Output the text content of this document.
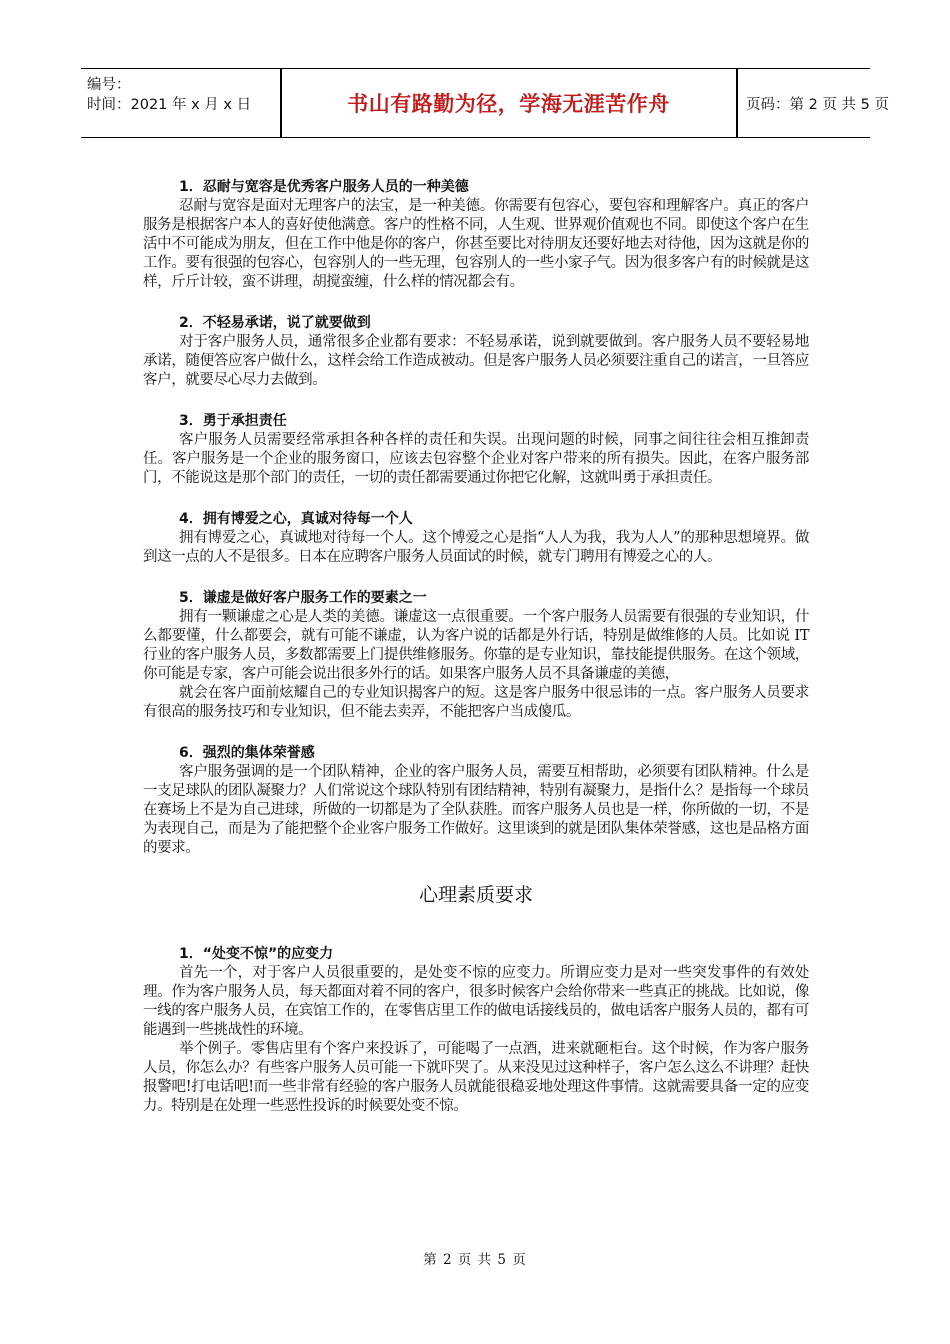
编号：
时间：2021 年 x 月 x 日	书山有路勤为径，学海无涯苦作舟	页码：第 2 页 共 5 页
1．忍耐与宽容是优秀客户服务人员的一种美德
忍耐与宽容是面对无理客户的法宝，是一种美德。你需要有包容心，要包容和理解客户。真正的客户服务是根据客户本人的喜好使他满意。客户的性格不同，人生观、世界观价值观也不同。即使这个客户在生活中不可能成为朋友，但在工作中他是你的客户，你甚至要比对待朋友还要好地去对待他，因为这就是你的工作。要有很强的包容心，包容别人的一些无理，包容别人的一些小家子气。因为很多客户有的时候就是这样，斤斤计较，蛮不讲理，胡搅蛮缠，什么样的情况都会有。
2．不轻易承诺，说了就要做到
对于客户服务人员，通常很多企业都有要求：不轻易承诺，说到就要做到。客户服务人员不要轻易地承诺，随便答应客户做什么，这样会给工作造成被动。但是客户服务人员必须要注重自己的诺言，一旦答应客户，就要尽心尽力去做到。
3．勇于承担责任
客户服务人员需要经常承担各种各样的责任和失误。出现问题的时候，同事之间往往会相互推卸责任。客户服务是一个企业的服务窗口，应该去包容整个企业对客户带来的所有损失。因此，在客户服务部门，不能说这是那个部门的责任，一切的责任都需要通过你把它化解，这就叫勇于承担责任。
4．拥有博爱之心，真诚对待每一个人
拥有博爱之心，真诚地对待每一个人。这个博爱之心是指“人人为我，我为人人”的那种思想境界。做到这一点的人不是很多。日本在应聘客户服务人员面试的时候，就专门聘用有博爱之心的人。
5．谦虚是做好客户服务工作的要素之一
拥有一颗谦虚之心是人类的美德。谦虚这一点很重要。一个客户服务人员需要有很强的专业知识，什么都要懂，什么都要会，就有可能不谦虚，认为客户说的话都是外行话，特别是做维修的人员。比如说 IT 行业的客户服务人员，多数都需要上门提供维修服务。你靠的是专业知识，靠技能提供服务。在这个领域，你可能是专家，客户可能会说出很多外行的话。如果客户服务人员不具备谦虚的美德，
就会在客户面前炫耀自己的专业知识揭客户的短。这是客户服务中很忌讳的一点。客户服务人员要求有很高的服务技巧和专业知识，但不能去卖弄，不能把客户当成傻瓜。
6．强烈的集体荣誉感
客户服务强调的是一个团队精神，企业的客户服务人员，需要互相帮助，必须要有团队精神。什么是一支足球队的团队凝聚力？人们常说这个球队特别有团结精神，特别有凝聚力，是指什么？是指每一个球员在赛场上不是为自己进球，所做的一切都是为了全队获胜。而客户服务人员也是一样，你所做的一切，不是为表现自己，而是为了能把整个企业客户服务工作做好。这里谈到的就是团队集体荣誉感，这也是品格方面的要求。
心理素质要求
1．“处变不惊”的应变力
首先一个，对于客户人员很重要的，是处变不惊的应变力。所谓应变力是对一些突发事件的有效处理。作为客户服务人员，每天都面对着不同的客户，很多时候客户会给你带来一些真正的挑战。比如说，像一线的客户服务人员，在宾馆工作的，在零售店里工作的做电话接线员的，做电话客户服务人员的，都有可能遇到一些挑战性的环境。
举个例子。零售店里有个客户来投诉了，可能喝了一点酒，进来就砸柜台。这个时候，作为客户服务人员，你怎么办？有些客户服务人员可能一下就吓哭了。从来没见过这种样子，客户怎么这么不讲理？赶快报警吧!打电话吧!而一些非常有经验的客户服务人员就能很稳妥地处理这件事情。这就需要具备一定的应变力。特别是在处理一些恶性投诉的时候要处变不惊。
第 2 页 共 5 页
